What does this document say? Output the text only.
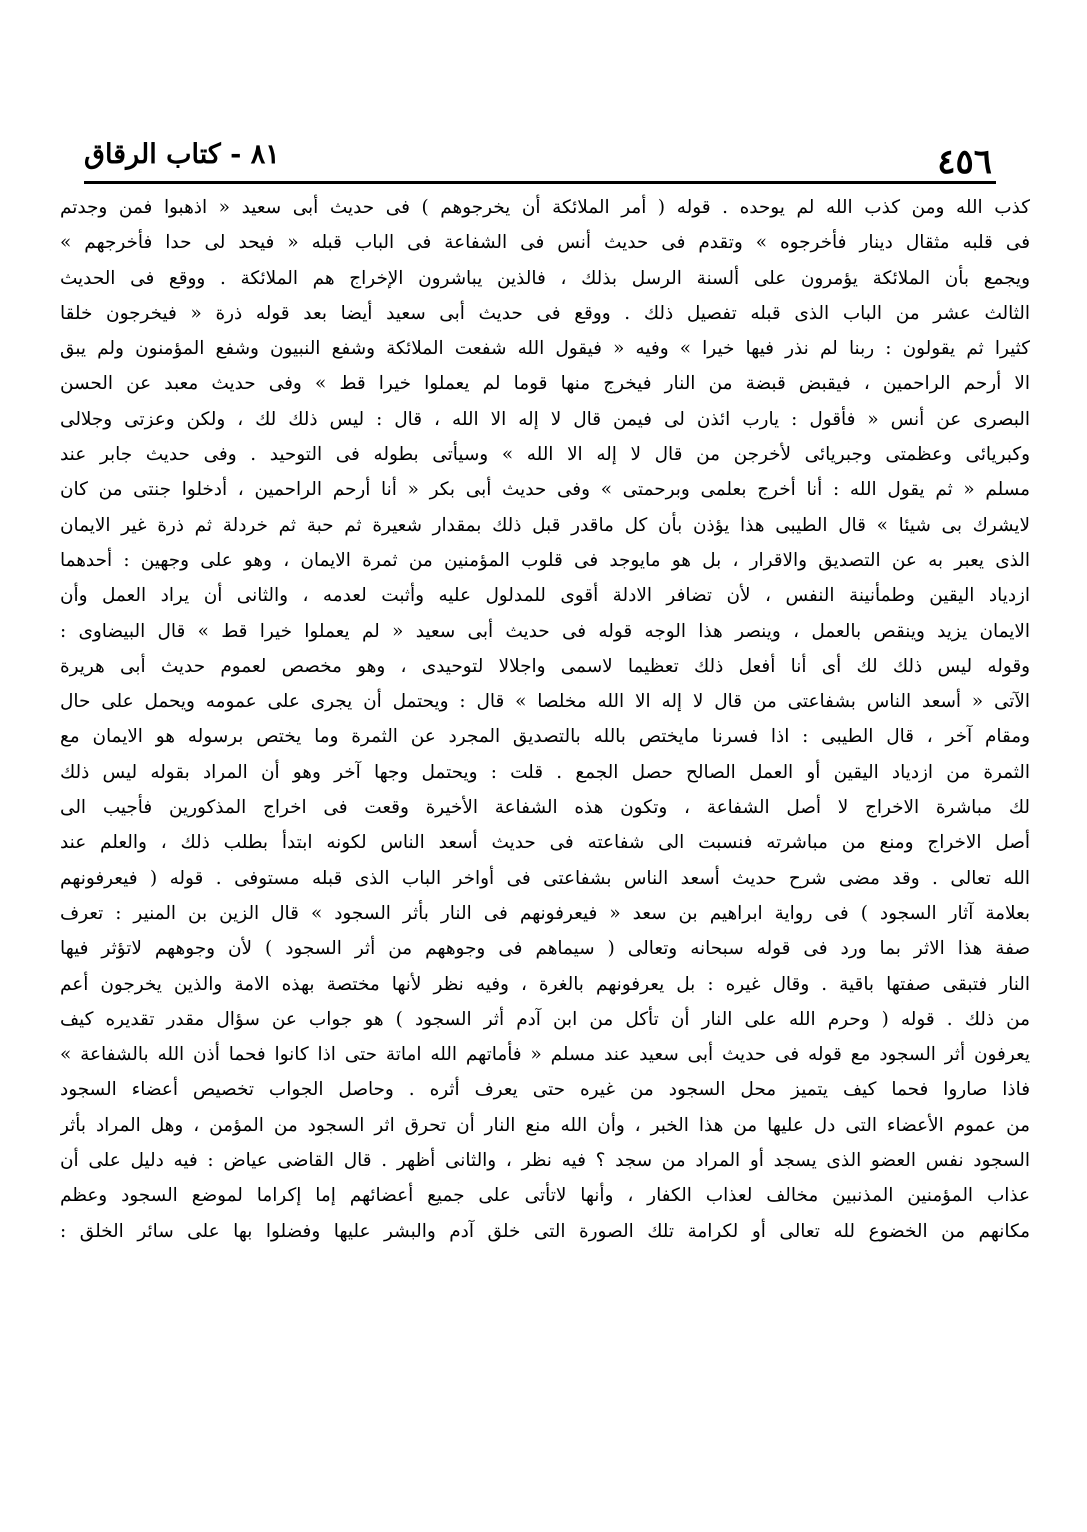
٤٥٦
٨١ - كتاب الرقاق
كذب الله ومن كذب الله لم يوحده . قوله ( أمر الملائكة أن يخرجوهم ) فى حديث أبى سعيد « اذهبوا فمن وجدتم
فى قلبه مثقال دينار فأخرجوه » وتقدم فى حديث أنس فى الشفاعة فى الباب قبله « فيحد لى حدا فأخرجهم »
ويجمع بأن الملائكة يؤمرون على ألسنة الرسل بذلك ، فالذين يباشرون الإخراج هم الملائكة . ووقع فى الحديث
الثالث عشر من الباب الذى قبله تفصيل ذلك . ووقع فى حديث أبى سعيد أيضا بعد قوله ذرة « فيخرجون خلقا
كثيرا ثم يقولون : ربنا لم نذر فيها خيرا » وفيه « فيقول الله شفعت الملائكة وشفع النبيون وشفع المؤمنون ولم يبق
الا أرحم الراحمين ، فيقبض قبضة من النار فيخرج منها قوما لم يعملوا خيرا قط » وفى حديث معبد عن الحسن
البصرى عن أنس « فأقول : يارب ائذن لى فيمن قال لا إله الا الله ، قال : ليس ذلك لك ، ولكن وعزتى وجلالى
وكبريائى وعظمتى وجبريائى لأخرجن من قال لا إله الا الله » وسيأتى بطوله فى التوحيد . وفى حديث جابر عند
مسلم « ثم يقول الله : أنا أخرج بعلمى وبرحمتى » وفى حديث أبى بكر « أنا أرحم الراحمين ، أدخلوا جنتى من كان
لايشرك بى شيئا » قال الطيبى هذا يؤذن بأن كل ماقدر قبل ذلك بمقدار شعيرة ثم حبة ثم خردلة ثم ذرة غير الايمان
الذى يعبر به عن التصديق والاقرار ، بل هو مايوجد فى قلوب المؤمنين من ثمرة الايمان ، وهو على وجهين : أحدهما
ازدياد اليقين وطمأنينة النفس ، لأن تضافر الادلة أقوى للمدلول عليه وأثبت لعدمه ، والثانى أن يراد العمل وأن
الايمان يزيد وينقص بالعمل ، وينصر هذا الوجه قوله فى حديث أبى سعيد « لم يعملوا خيرا قط » قال البيضاوى :
وقوله ليس ذلك لك أى أنا أفعل ذلك تعظيما لاسمى واجلالا لتوحيدى ، وهو مخصص لعموم حديث أبى هريرة
الآتى « أسعد الناس بشفاعتى من قال لا إله الا الله مخلصا » قال : ويحتمل أن يجرى على عمومه ويحمل على حال
ومقام آخر ، قال الطيبى : اذا فسرنا مايختص بالله بالتصديق المجرد عن الثمرة وما يختص برسوله هو الايمان مع
الثمرة من ازدياد اليقين أو العمل الصالح حصل الجمع . قلت : ويحتمل وجها آخر وهو أن المراد بقوله ليس ذلك
لك مباشرة الاخراج لا أصل الشفاعة ، وتكون هذه الشفاعة الأخيرة وقعت فى اخراج المذكورين فأجيب الى
أصل الاخراج ومنع من مباشرته فنسبت الى شفاعته فى حديث أسعد الناس لكونه ابتدأ بطلب ذلك ، والعلم عند
الله تعالى . وقد مضى شرح حديث أسعد الناس بشفاعتى فى أواخر الباب الذى قبله مستوفى . قوله ( فيعرفونهم
بعلامة آثار السجود ) فى رواية ابراهيم بن سعد « فيعرفونهم فى النار بأثر السجود » قال الزين بن المنير : تعرف
صفة هذا الاثر بما ورد فى قوله سبحانه وتعالى ( سيماهم فى وجوههم من أثر السجود ) لأن وجوههم لاتؤثر فيها
النار فتبقى صفتها باقية . وقال غيره : بل يعرفونهم بالغرة ، وفيه نظر لأنها مختصة بهذه الامة والذين يخرجون أعم
من ذلك . قوله ( وحرم الله على النار أن تأكل من ابن آدم أثر السجود ) هو جواب عن سؤال مقدر تقديره كيف
يعرفون أثر السجود مع قوله فى حديث أبى سعيد عند مسلم « فأماتهم الله اماتة حتى اذا كانوا فحما أذن الله بالشفاعة »
فاذا صاروا فحما كيف يتميز محل السجود من غيره حتى يعرف أثره . وحاصل الجواب تخصيص أعضاء السجود
من عموم الأعضاء التى دل عليها من هذا الخبر ، وأن الله منع النار أن تحرق اثر السجود من المؤمن ، وهل المراد بأثر
السجود نفس العضو الذى يسجد أو المراد من سجد ؟ فيه نظر ، والثانى أظهر . قال القاضى عياض : فيه دليل على أن
عذاب المؤمنين المذنبين مخالف لعذاب الكفار ، وأنها لاتأتى على جميع أعضائهم إما إكراما لموضع السجود وعظم
مكانهم من الخضوع لله تعالى أو لكرامة تلك الصورة التى خلق آدم والبشر عليها وفضلوا بها على سائر الخلق :
